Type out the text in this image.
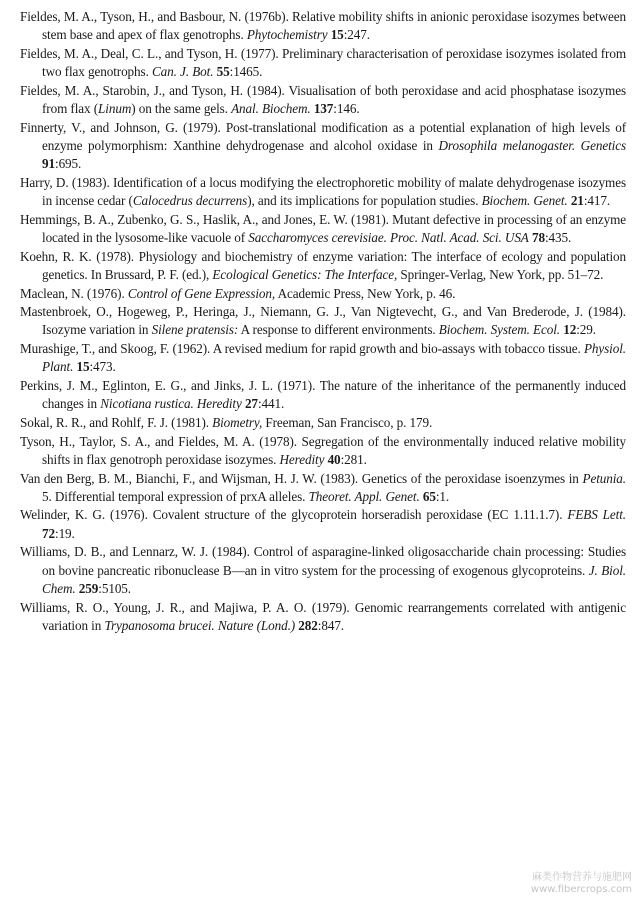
Fieldes, M. A., Tyson, H., and Basbour, N. (1976b). Relative mobility shifts in anionic peroxidase isozymes between stem base and apex of flax genotrophs. Phytochemistry 15:247.

Fieldes, M. A., Deal, C. L., and Tyson, H. (1977). Preliminary characterisation of peroxidase isozymes isolated from two flax genotrophs. Can. J. Bot. 55:1465.

Fieldes, M. A., Starobin, J., and Tyson, H. (1984). Visualisation of both peroxidase and acid phosphatase isozymes from flax (Linum) on the same gels. Anal. Biochem. 137:146.

Finnerty, V., and Johnson, G. (1979). Post-translational modification as a potential explanation of high levels of enzyme polymorphism: Xanthine dehydrogenase and alcohol oxidase in Drosophila melanogaster. Genetics 91:695.

Harry, D. (1983). Identification of a locus modifying the electrophoretic mobility of malate dehydrogenase isozymes in incense cedar (Calocedrus decurrens), and its implications for population studies. Biochem. Genet. 21:417.

Hemmings, B. A., Zubenko, G. S., Haslik, A., and Jones, E. W. (1981). Mutant defective in processing of an enzyme located in the lysosome-like vacuole of Saccharomyces cerevisiae. Proc. Natl. Acad. Sci. USA 78:435.

Koehn, R. K. (1978). Physiology and biochemistry of enzyme variation: The interface of ecology and population genetics. In Brussard, P. F. (ed.), Ecological Genetics: The Interface, Springer-Verlag, New York, pp. 51–72.

Maclean, N. (1976). Control of Gene Expression, Academic Press, New York, p. 46.

Mastenbroek, O., Hogeweg, P., Heringa, J., Niemann, G. J., Van Nigtevecht, G., and Van Brederode, J. (1984). Isozyme variation in Silene pratensis: A response to different environments. Biochem. System. Ecol. 12:29.

Murashige, T., and Skoog, F. (1962). A revised medium for rapid growth and bio-assays with tobacco tissue. Physiol. Plant. 15:473.

Perkins, J. M., Eglinton, E. G., and Jinks, J. L. (1971). The nature of the inheritance of the permanently induced changes in Nicotiana rustica. Heredity 27:441.

Sokal, R. R., and Rohlf, F. J. (1981). Biometry, Freeman, San Francisco, p. 179.

Tyson, H., Taylor, S. A., and Fieldes, M. A. (1978). Segregation of the environmentally induced relative mobility shifts in flax genotroph peroxidase isozymes. Heredity 40:281.

Van den Berg, B. M., Bianchi, F., and Wijsman, H. J. W. (1983). Genetics of the peroxidase isoenzymes in Petunia. 5. Differential temporal expression of prxA alleles. Theoret. Appl. Genet. 65:1.

Welinder, K. G. (1976). Covalent structure of the glycoprotein horseradish peroxidase (EC 1.11.1.7). FEBS Lett. 72:19.

Williams, D. B., and Lennarz, W. J. (1984). Control of asparagine-linked oligosaccharide chain processing: Studies on bovine pancreatic ribonuclease B—an in vitro system for the processing of exogenous glycoproteins. J. Biol. Chem. 259:5105.

Williams, R. O., Young, J. R., and Majiwa, P. A. O. (1979). Genomic rearrangements correlated with antigenic variation in Trypanosoma brucei. Nature (Lond.) 282:847.

麻类作物营养与施肥网
www.fibercrops.com
